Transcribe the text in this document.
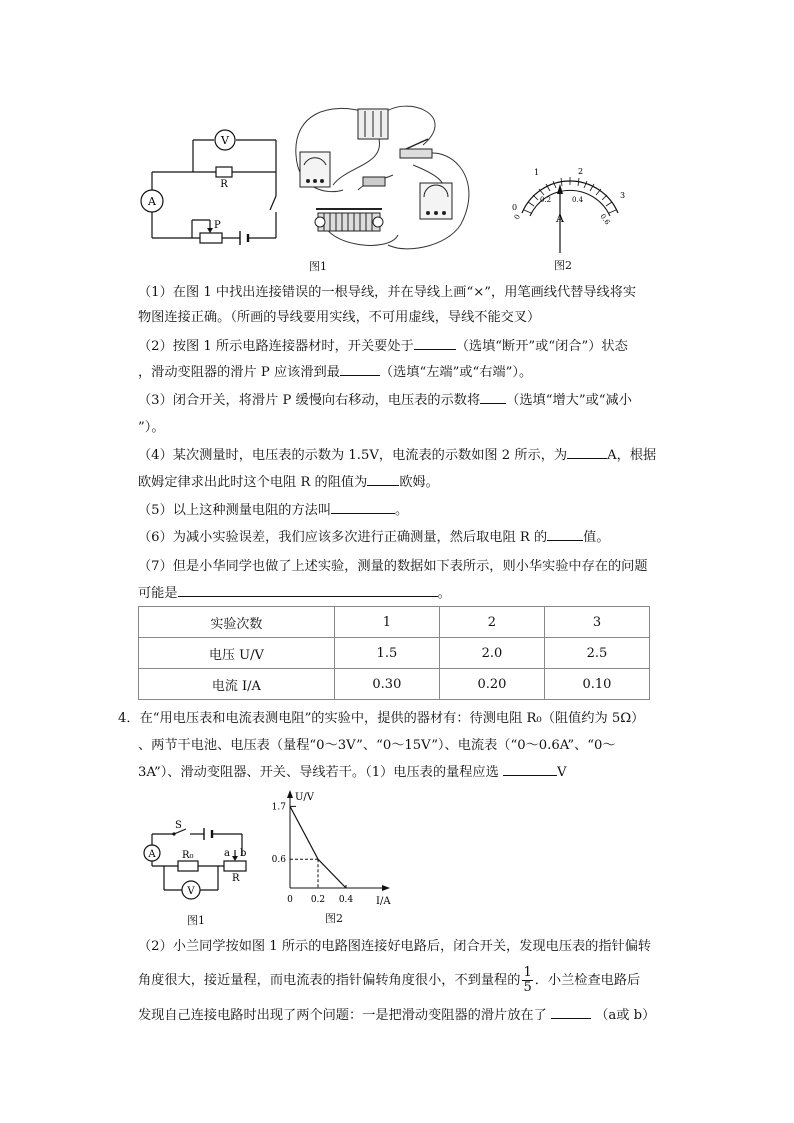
V
A
R
P
图1
0
1	2
3
0
0.2	0.4
0.6
A
图2
（1）在图 1 中找出连接错误的一根导线，并在导线上画“×”，用笔画线代替导线将实
物图连接正确。（所画的导线要用实线，不可用虚线，导线不能交叉）
（2）按图 1 所示电路连接器材时，开关要处于	（选填“断开”或“闭合”）状态
，滑动变阻器的滑片 P 应该滑到最	（选填“左端”或“右端”）。
（3）闭合开关，将滑片 P 缓慢向右移动，电压表的示数将 （选填“增大”或“减小
”）。
（4）某次测量时，电压表的示数为 1.5V，电流表的示数如图 2 所示，为	A，根据
欧姆定律求出此时这个电阻 R 的阻值为 欧姆。
（5）以上这种测量电阻的方法叫	。
（6）为减小实验误差，我们应该多次进行正确测量，然后取电阻 R 的	值。
（7）但是小华同学也做了上述实验，测量的数据如下表所示，则小华实验中存在的问题
可能是	。
实验次数	1	2	3
电压 U/V	1.5	2.0	2.5
电流 I/A	0.30	0.20	0.10
4．在“用电压表和电流表测电阻”的实验中，提供的器材有：待测电阻 R₀（阻值约为 5Ω）
、两节干电池、电压表（量程“0～3V”、“0～15V”）、电流表（“0～0.6A”、“0～
3A”）、滑动变阻器、开关、导线若干。（1）电压表的量程应选	V
A
V
S
R₀	a b
R
图1
U/V
I/A
1.7
0.6
0 0.2 0.4
图2
（2）小兰同学按如图 1 所示的电路图连接好电路后，闭合开关，发现电压表的指针偏转
角度很大，接近量程，而电流表的指针偏转角度很小，不到量程的 $\frac{1}{5}$ ．小兰检查电路后
发现自己连接电路时出现了两个问题：一是把滑动变阻器的滑片放在了	（a或 b）
